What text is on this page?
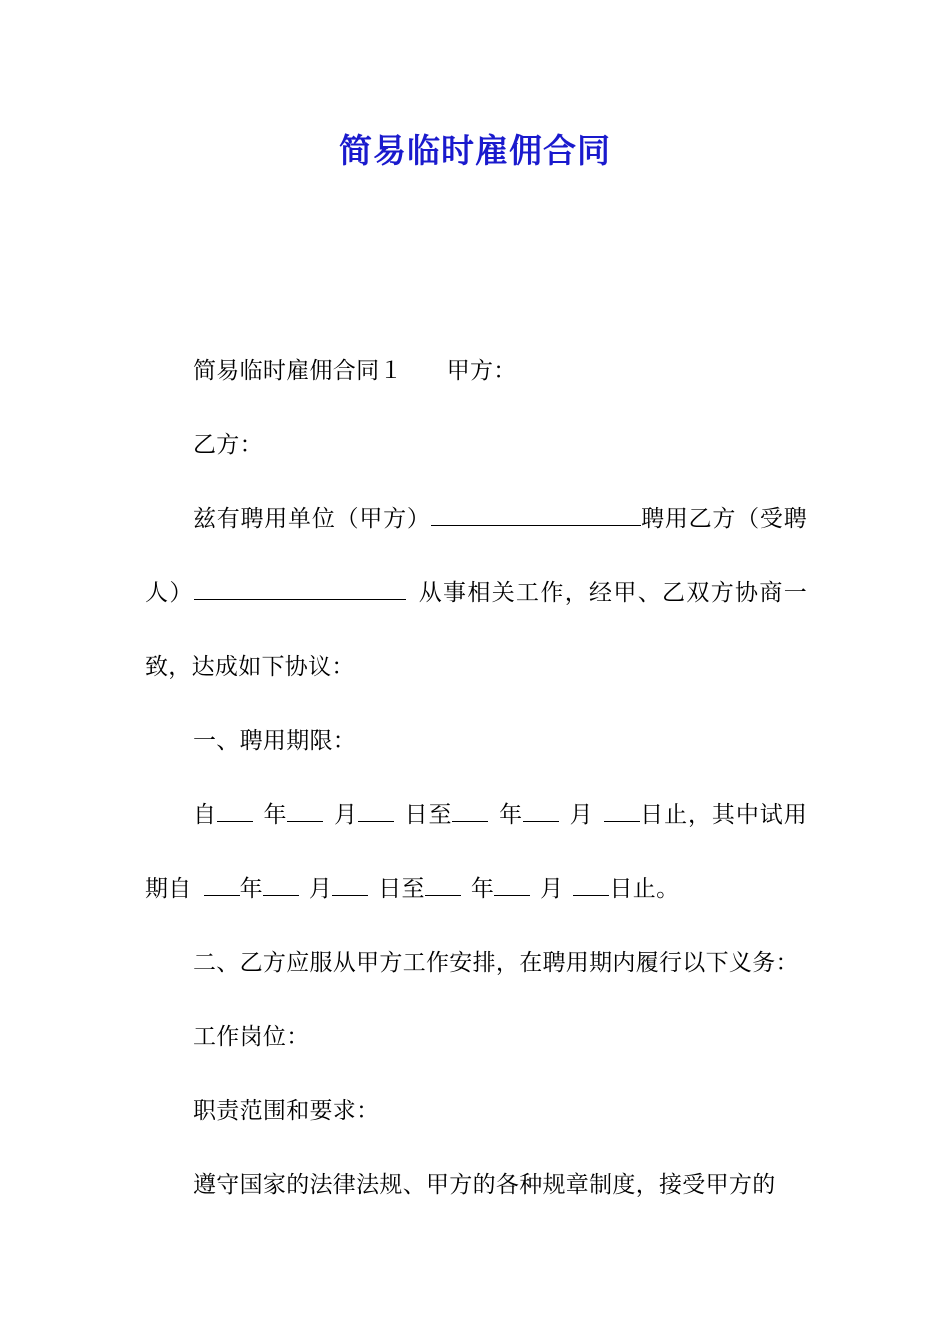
简易临时雇佣合同

简易临时雇佣合同１ 甲方：

乙方：

兹有聘用单位（甲方）	聘用乙方（受聘人）	从事相关工作，经甲、乙双方协商一致，达成如下协议：

一、聘用期限：

自 年 月 日至 年 月 日止，其中试用期自 年 月 日至 年 月 日止。

二、乙方应服从甲方工作安排，在聘用期内履行以下义务：

工作岗位：

职责范围和要求：

遵守国家的法律法规、甲方的各种规章制度，接受甲方的
